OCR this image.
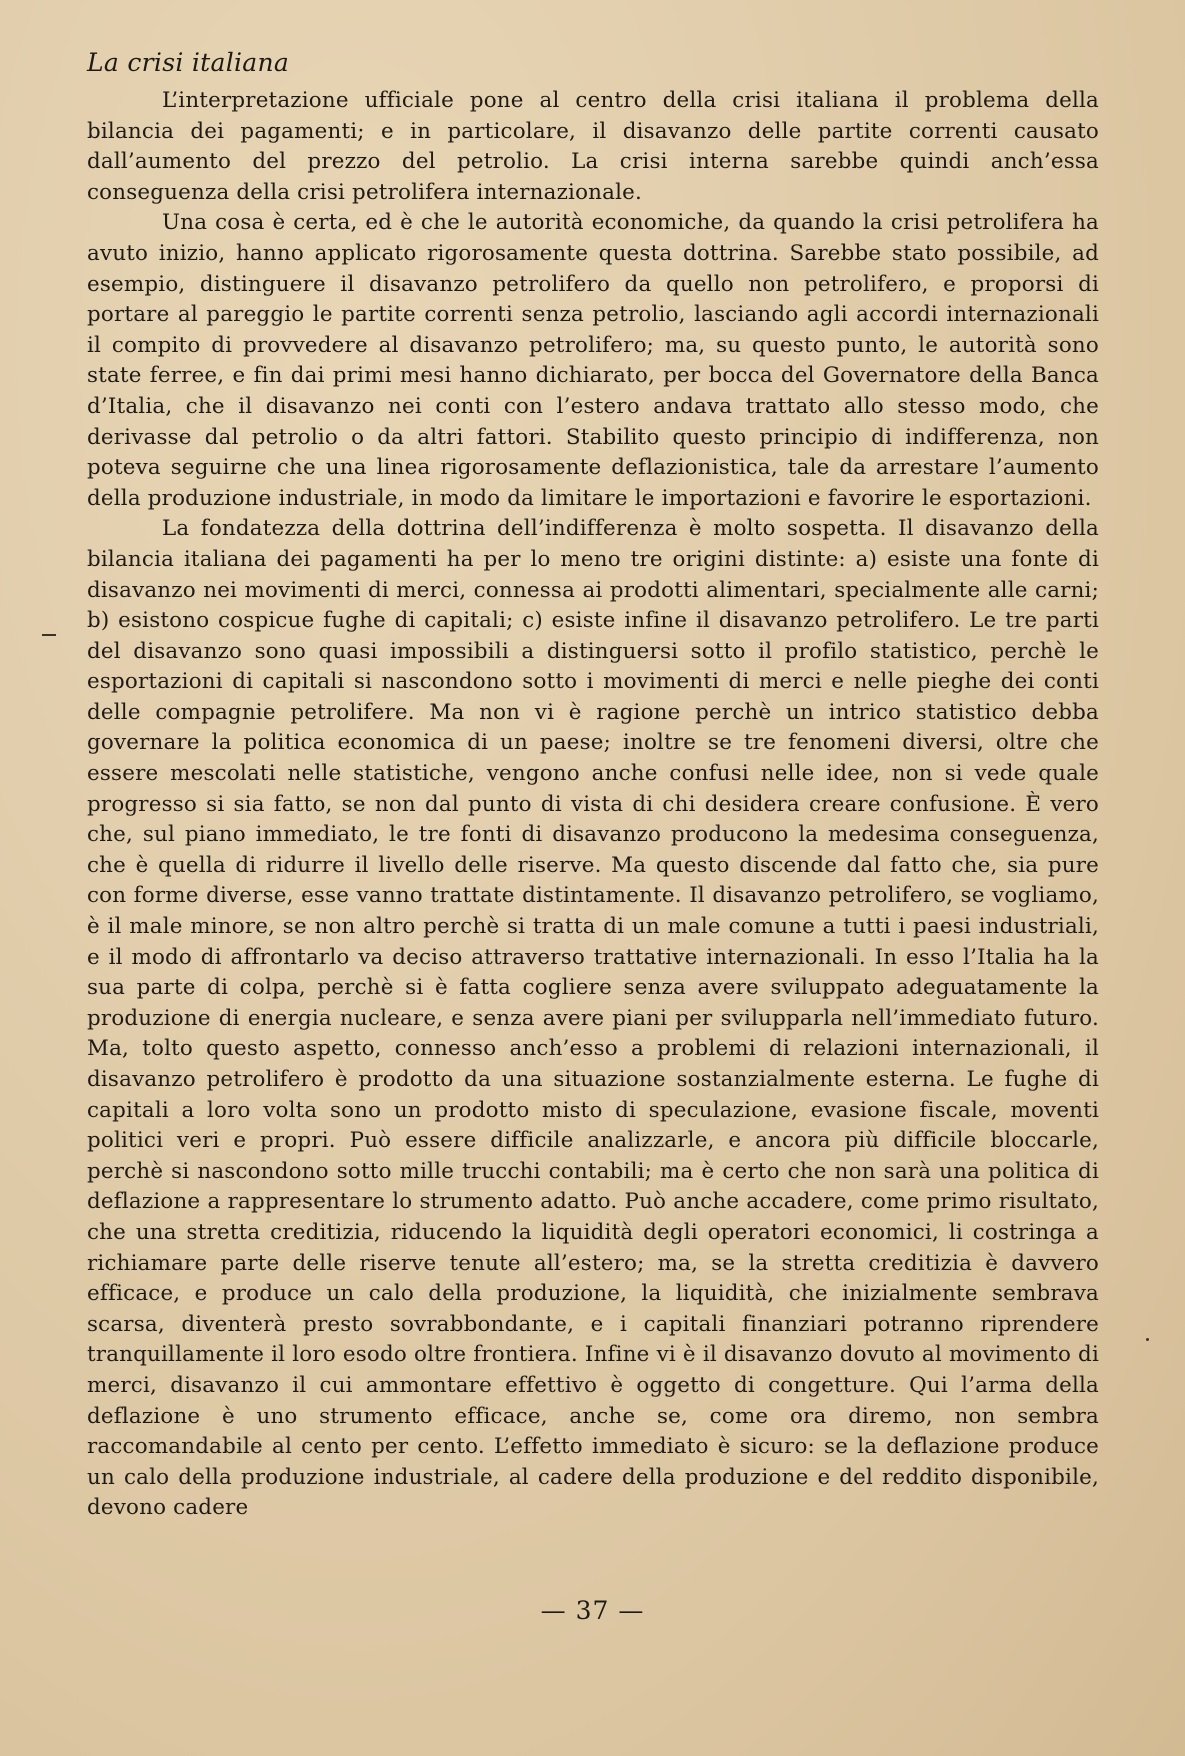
La crisi italiana

L’interpretazione ufficiale pone al centro della crisi italiana il problema della bilancia dei pagamenti; e in particolare, il disavanzo delle partite correnti causato dall’aumento del prezzo del petrolio. La crisi interna sarebbe quindi anch’essa conseguenza della crisi petrolifera internazionale.

Una cosa è certa, ed è che le autorità economiche, da quando la crisi petrolifera ha avuto inizio, hanno applicato rigorosamente questa dottrina. Sarebbe stato possibile, ad esempio, distinguere il disavanzo petrolifero da quello non petrolifero, e proporsi di portare al pareggio le partite correnti senza petrolio, lasciando agli accordi internazionali il compito di provvedere al disavanzo petrolifero; ma, su questo punto, le autorità sono state ferree, e fin dai primi mesi hanno dichiarato, per bocca del Governatore della Banca d’Italia, che il disavanzo nei conti con l’estero andava trattato allo stesso modo, che derivasse dal petrolio o da altri fattori. Stabilito questo principio di indifferenza, non poteva seguirne che una linea rigorosamente deflazionistica, tale da arrestare l’aumento della produzione industriale, in modo da limitare le importazioni e favorire le esportazioni.

La fondatezza della dottrina dell’indifferenza è molto sospetta. Il disavanzo della bilancia italiana dei pagamenti ha per lo meno tre origini distinte: a) esiste una fonte di disavanzo nei movimenti di merci, connessa ai prodotti alimentari, specialmente alle carni; b) esistono cospicue fughe di capitali; c) esiste infine il disavanzo petrolifero. Le tre parti del disavanzo sono quasi impossibili a distinguersi sotto il profilo statistico, perchè le esportazioni di capitali si nascondono sotto i movimenti di merci e nelle pieghe dei conti delle compagnie petrolifere. Ma non vi è ragione perchè un intrico statistico debba governare la politica economica di un paese; inoltre se tre fenomeni diversi, oltre che essere mescolati nelle statistiche, vengono anche confusi nelle idee, non si vede quale progresso si sia fatto, se non dal punto di vista di chi desidera creare confusione. È vero che, sul piano immediato, le tre fonti di disavanzo producono la medesima conseguenza, che è quella di ridurre il livello delle riserve. Ma questo discende dal fatto che, sia pure con forme diverse, esse vanno trattate distintamente. Il disavanzo petrolifero, se vogliamo, è il male minore, se non altro perchè si tratta di un male comune a tutti i paesi industriali, e il modo di affrontarlo va deciso attraverso trattative internazionali. In esso l’Italia ha la sua parte di colpa, perchè si è fatta cogliere senza avere sviluppato adeguatamente la produzione di energia nucleare, e senza avere piani per svilupparla nell’immediato futuro. Ma, tolto questo aspetto, connesso anch’esso a problemi di relazioni internazionali, il disavanzo petrolifero è prodotto da una situazione sostanzialmente esterna. Le fughe di capitali a loro volta sono un prodotto misto di speculazione, evasione fiscale, moventi politici veri e propri. Può essere difficile analizzarle, e ancora più difficile bloccarle, perchè si nascondono sotto mille trucchi contabili; ma è certo che non sarà una politica di deflazione a rappresentare lo strumento adatto. Può anche accadere, come primo risultato, che una stretta creditizia, riducendo la liquidità degli operatori economici, li costringa a richiamare parte delle riserve tenute all’estero; ma, se la stretta creditizia è davvero efficace, e produce un calo della produzione, la liquidità, che inizialmente sembrava scarsa, diventerà presto sovrabbondante, e i capitali finanziari potranno riprendere tranquillamente il loro esodo oltre frontiera. Infine vi è il disavanzo dovuto al movimento di merci, disavanzo il cui ammontare effettivo è oggetto di congetture. Qui l’arma della deflazione è uno strumento efficace, anche se, come ora diremo, non sembra raccomandabile al cento per cento. L’effetto immediato è sicuro: se la deflazione produce un calo della produzione industriale, al cadere della produzione e del reddito disponibile, devono cadere

— 37 —
